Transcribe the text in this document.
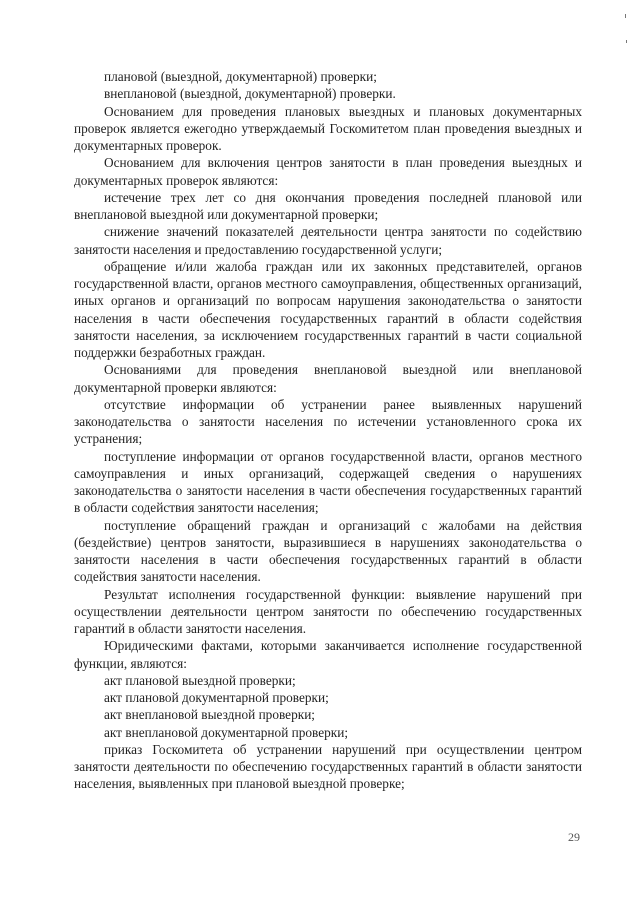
плановой (выездной, документарной) проверки;

внеплановой (выездной, документарной) проверки.

Основанием для проведения плановых выездных и плановых документарных проверок является ежегодно утверждаемый Госкомитетом план проведения выездных и документарных проверок.

Основанием для включения центров занятости в план проведения выездных и документарных проверок являются:

истечение трех лет со дня окончания проведения последней плановой или внеплановой выездной или документарной проверки;

снижение значений показателей деятельности центра занятости по содействию занятости населения и предоставлению государственной услуги;

обращение и/или жалоба граждан или их законных представителей, органов государственной власти, органов местного самоуправления, общественных организаций, иных органов и организаций по вопросам нарушения законодательства о занятости населения в части обеспечения государственных гарантий в области содействия занятости населения, за исключением государственных гарантий в части социальной поддержки безработных граждан.

Основаниями для проведения внеплановой выездной или внеплановой документарной проверки являются:

отсутствие информации об устранении ранее выявленных нарушений законодательства о занятости населения по истечении установленного срока их устранения;

поступление информации от органов государственной власти, органов местного самоуправления и иных организаций, содержащей сведения о нарушениях законодательства о занятости населения в части обеспечения государственных гарантий в области содействия занятости населения;

поступление обращений граждан и организаций с жалобами на действия (бездействие) центров занятости, выразившиеся в нарушениях законодательства о занятости населения в части обеспечения государственных гарантий в области содействия занятости населения.

Результат исполнения государственной функции: выявление нарушений при осуществлении деятельности центром занятости по обеспечению государственных гарантий в области занятости населения.

Юридическими фактами, которыми заканчивается исполнение государственной функции, являются:

акт плановой выездной проверки;

акт плановой документарной проверки;

акт внеплановой выездной проверки;

акт внеплановой документарной проверки;

приказ Госкомитета об устранении нарушений при осуществлении центром занятости деятельности по обеспечению государственных гарантий в области занятости населения, выявленных при плановой выездной проверке;

29
